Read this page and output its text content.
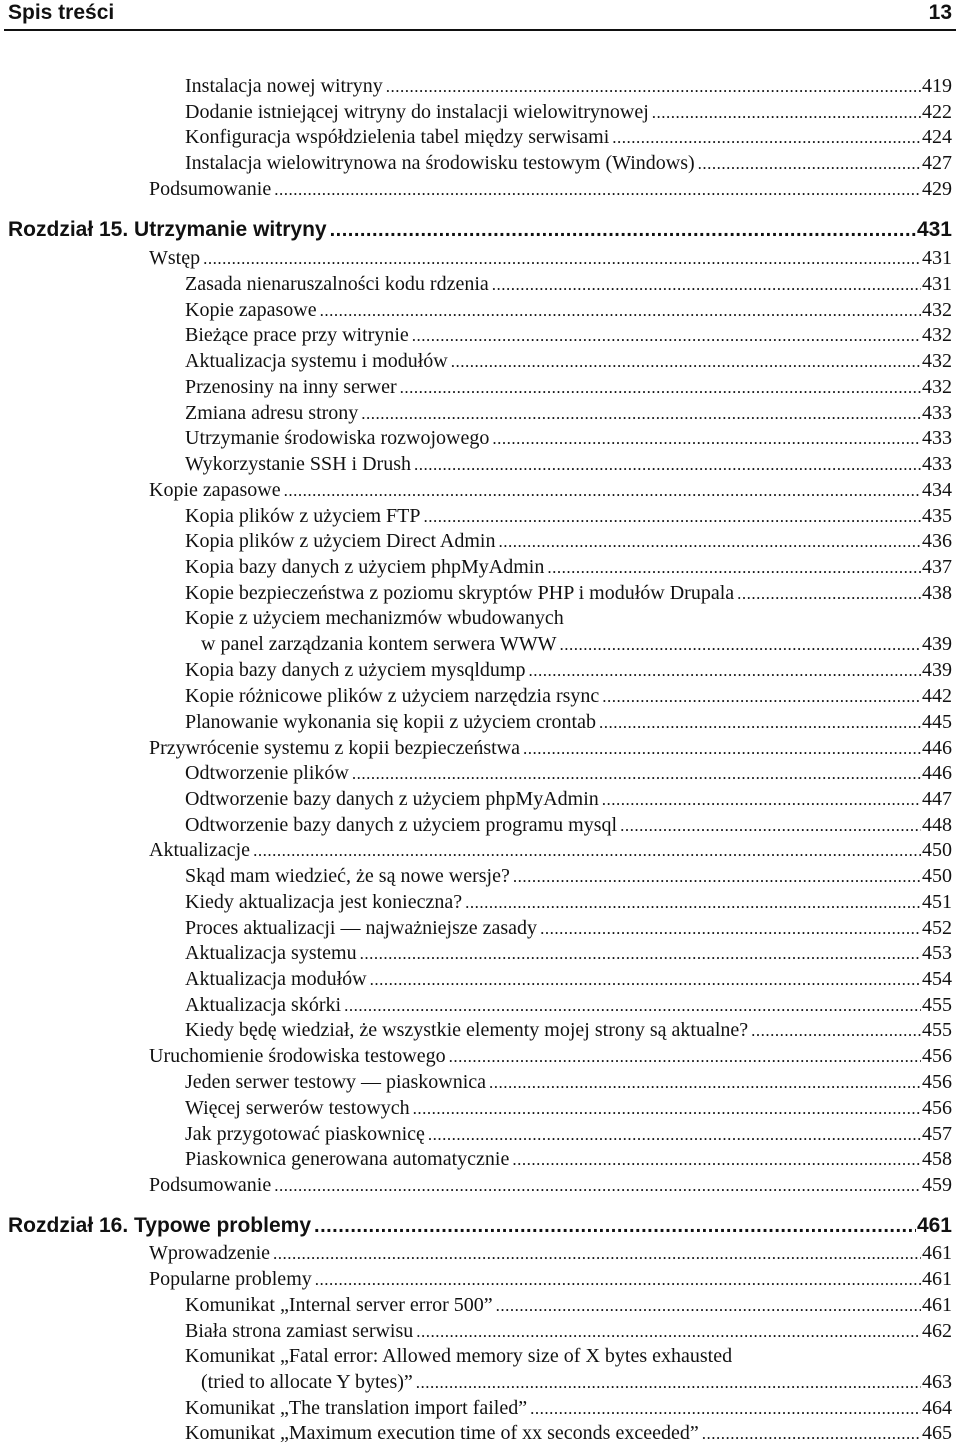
Spis treści	13
Instalacja nowej witryny .....	419
Dodanie istniejącej witryny do instalacji wielowitrynowej .....	422
Konfiguracja współdzielenia tabel między serwisami .....	424
Instalacja wielowitrynowa na środowisku testowym (Windows) .....	427
Podsumowanie .....	429
Rozdział 15. Utrzymanie witryny .....	431
Wstęp .....	431
Zasada nienaruszalności kodu rdzenia .....	431
Kopie zapasowe .....	432
Bieżące prace przy witrynie .....	432
Aktualizacja systemu i modułów .....	432
Przenosiny na inny serwer .....	432
Zmiana adresu strony .....	433
Utrzymanie środowiska rozwojowego .....	433
Wykorzystanie SSH i Drush .....	433
Kopie zapasowe .....	434
Kopia plików z użyciem FTP .....	435
Kopia plików z użyciem Direct Admin .....	436
Kopia bazy danych z użyciem phpMyAdmin .....	437
Kopie bezpieczeństwa z poziomu skryptów PHP i modułów Drupala .....	438
Kopie z użyciem mechanizmów wbudowanych
w panel zarządzania kontem serwera WWW .....	439
Kopia bazy danych z użyciem mysqldump .....	439
Kopie różnicowe plików z użyciem narzędzia rsync .....	442
Planowanie wykonania się kopii z użyciem crontab .....	445
Przywrócenie systemu z kopii bezpieczeństwa .....	446
Odtworzenie plików .....	446
Odtworzenie bazy danych z użyciem phpMyAdmin .....	447
Odtworzenie bazy danych z użyciem programu mysql .....	448
Aktualizacje .....	450
Skąd mam wiedzieć, że są nowe wersje? .....	450
Kiedy aktualizacja jest konieczna? .....	451
Proces aktualizacji — najważniejsze zasady .....	452
Aktualizacja systemu .....	453
Aktualizacja modułów .....	454
Aktualizacja skórki .....	455
Kiedy będę wiedział, że wszystkie elementy mojej strony są aktualne? .....	455
Uruchomienie środowiska testowego .....	456
Jeden serwer testowy — piaskownica .....	456
Więcej serwerów testowych .....	456
Jak przygotować piaskownicę .....	457
Piaskownica generowana automatycznie .....	458
Podsumowanie .....	459
Rozdział 16. Typowe problemy .....	461
Wprowadzenie .....	461
Popularne problemy .....	461
Komunikat „Internal server error 500” .....	461
Biała strona zamiast serwisu .....	462
Komunikat „Fatal error: Allowed memory size of X bytes exhausted
(tried to allocate Y bytes)” .....	463
Komunikat „The translation import failed” .....	464
Komunikat „Maximum execution time of xx seconds exceeded” .....	465
